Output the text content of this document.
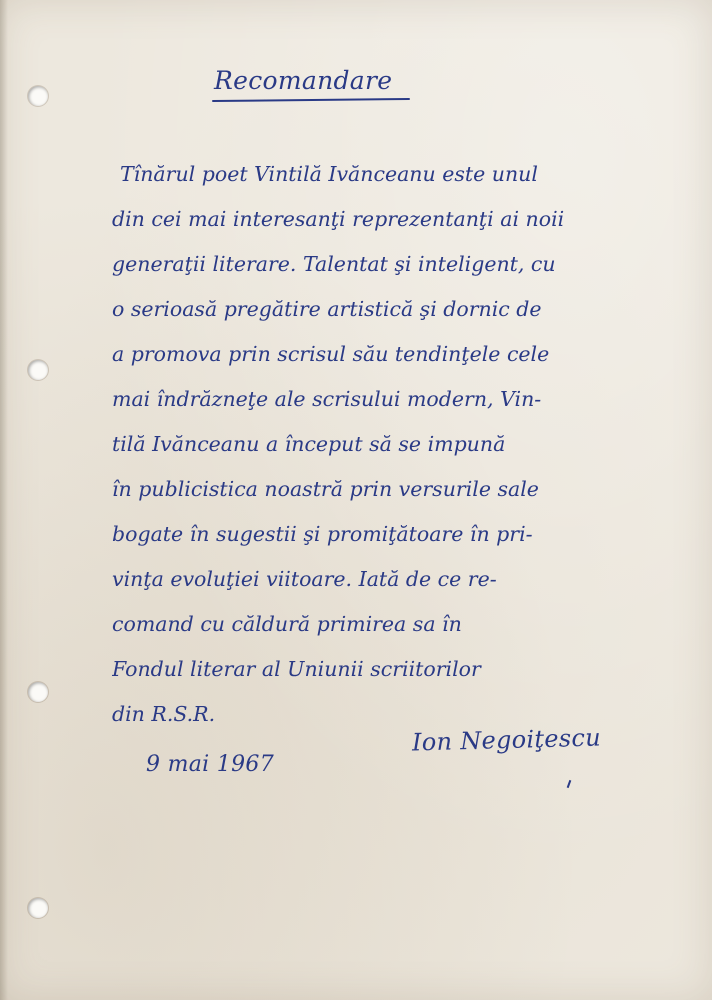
Recomandare
Tînărul poet Vintilă Ivănceanu este unul
din cei mai interesanţi reprezentanţi ai noii
generaţii literare. Talentat şi inteligent, cu
o serioasă pregătire artistică şi dornic de
a promova prin scrisul său tendinţele cele
mai îndrăzneţe ale scrisului modern, Vin-
tilă Ivănceanu a început să se impună
în publicistica noastră prin versurile sale
bogate în sugestii şi promiţătoare în pri-
vinţa evoluţiei viitoare. Iată de ce re-
comand cu căldură primirea sa în
Fondul literar al Uniunii scriitorilor
din R.S.R.
9 mai 1967
Ion Negoiţescu
